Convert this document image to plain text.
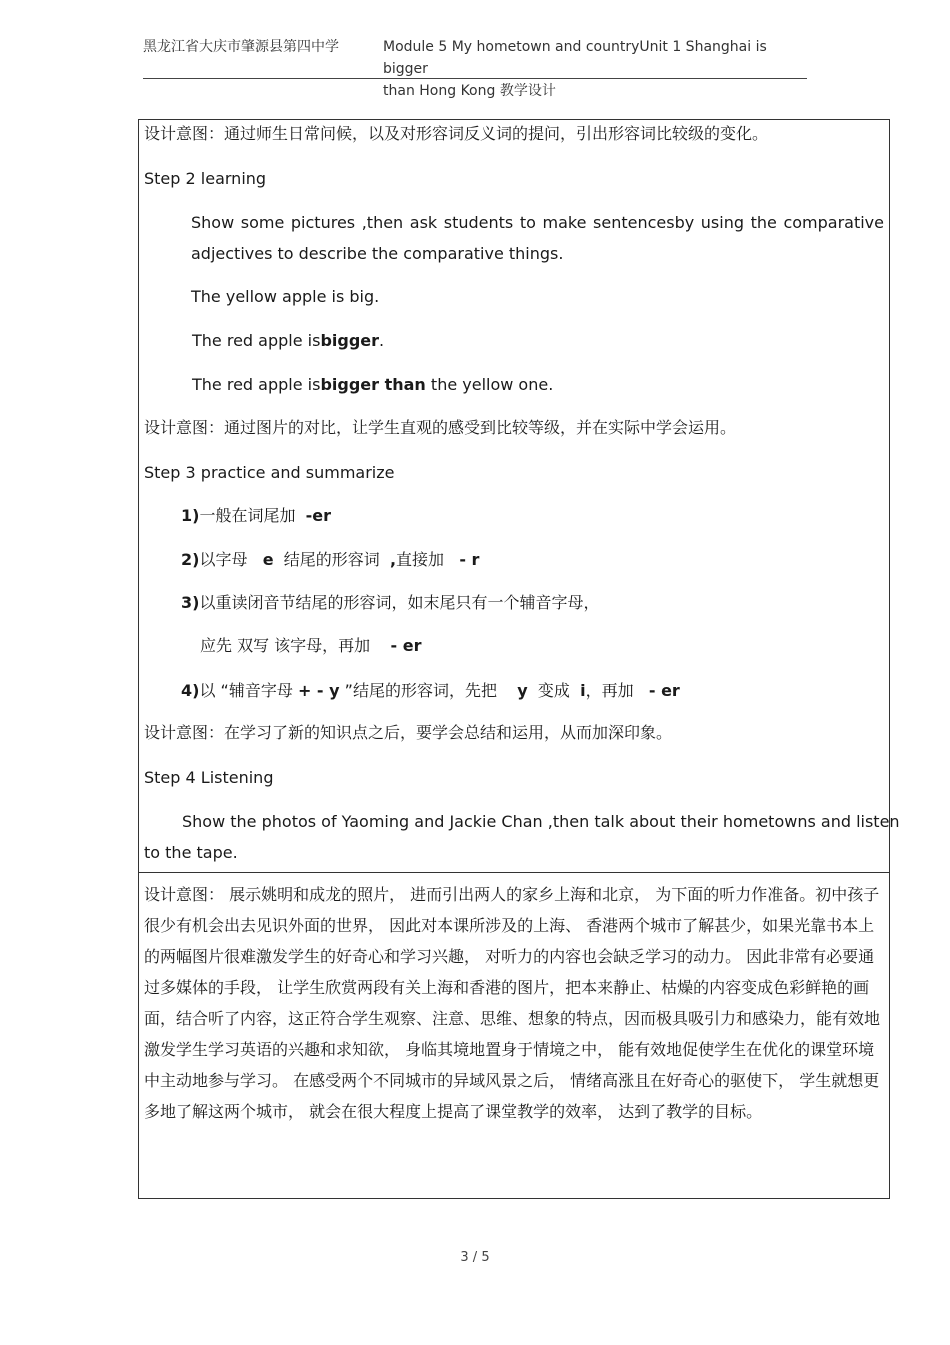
黑龙江省大庆市肇源县第四中学	Module 5 My hometown and countryUnit 1 Shanghai is bigger
than Hong Kong 教学设计
设计意图：通过师生日常问候，以及对形容词反义词的提问，引出形容词比较级的变化。
Step 2 learning
Show some pictures ,then ask students to make sentencesby using the comparative adjectives to describe the comparative things.
The yellow apple is big.
The red apple isbigger.
The red apple isbigger than the yellow one.
设计意图：通过图片的对比，让学生直观的感受到比较等级，并在实际中学会运用。
Step 3 practice and summarize
1)一般在词尾加 -er
2)以字母 e 结尾的形容词 ,直接加 - r
3)以重读闭音节结尾的形容词，如末尾只有一个辅音字母，
应先 双写 该字母，再加 - er
4)以 “辅音字母 + - y ”结尾的形容词，先把 y 变成 i，再加 - er
设计意图：在学习了新的知识点之后，要学会总结和运用，从而加深印象。
Step 4 Listening
Show the photos of Yaoming and Jackie Chan ,then talk about their hometowns and listen
to the tape.
设计意图： 展示姚明和成龙的照片， 进而引出两人的家乡上海和北京， 为下面的听力作准备。初中孩子很少有机会出去见识外面的世界， 因此对本课所涉及的上海、 香港两个城市了解甚少，如果光靠书本上的两幅图片很难激发学生的好奇心和学习兴趣， 对听力的内容也会缺乏学习的动力。 因此非常有必要通过多媒体的手段， 让学生欣赏两段有关上海和香港的图片，把本来静止、枯燥的内容变成色彩鲜艳的画面，结合听了内容，这正符合学生观察、注意、思维、想象的特点，因而极具吸引力和感染力，能有效地激发学生学习英语的兴趣和求知欲， 身临其境地置身于情境之中， 能有效地促使学生在优化的课堂环境中主动地参与学习。 在感受两个不同城市的异域风景之后， 情绪高涨且在好奇心的驱使下， 学生就想更多地了解这两个城市， 就会在很大程度上提高了课堂教学的效率， 达到了教学的目标。
3 / 5
